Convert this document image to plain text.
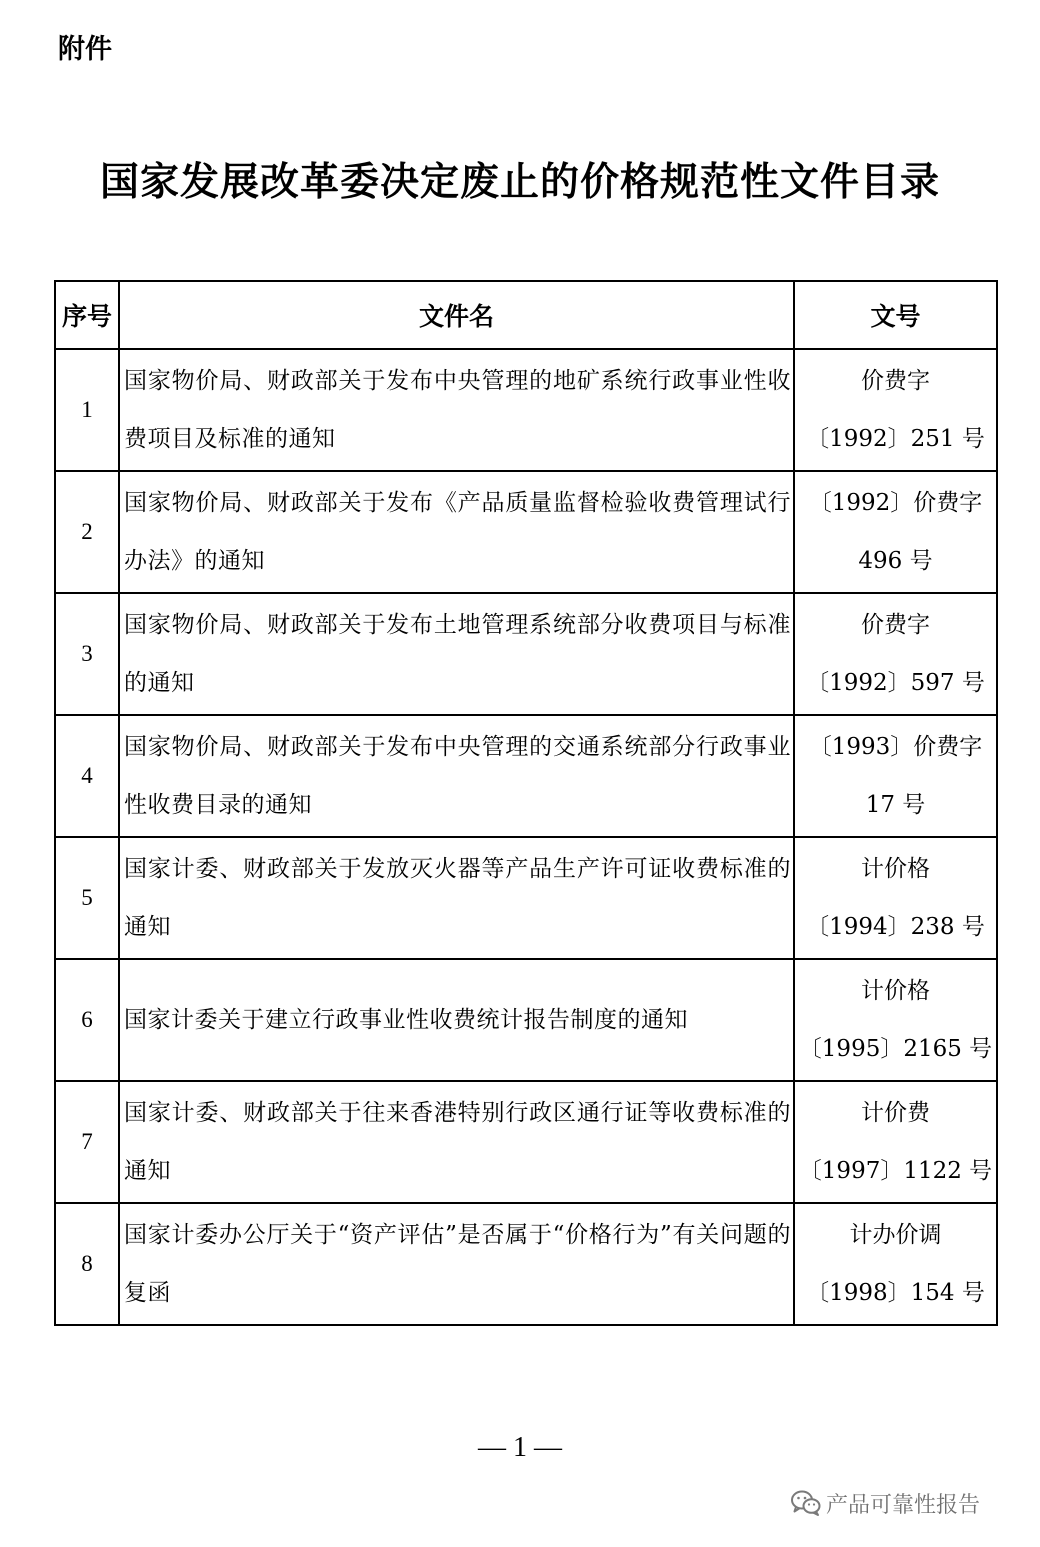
附件
国家发展改革委决定废止的价格规范性文件目录
序号	文件名	文号
1	国家物价局、财政部关于发布中央管理的地矿系统行政事业性收费项目及标准的通知	价费字
〔1992〕251 号

2	国家物价局、财政部关于发布《产品质量监督检验收费管理试行办法》的通知	〔1992〕价费字
496 号

3	国家物价局、财政部关于发布土地管理系统部分收费项目与标准的通知	价费字
〔1992〕597 号

4	国家物价局、财政部关于发布中央管理的交通系统部分行政事业性收费目录的通知	〔1993〕价费字
17 号

5	国家计委、财政部关于发放灭火器等产品生产许可证收费标准的通知	计价格
〔1994〕238 号

6	国家计委关于建立行政事业性收费统计报告制度的通知	计价格
〔1995〕2165 号

7	国家计委、财政部关于往来香港特别行政区通行证等收费标准的通知	计价费
〔1997〕1122 号

8	国家计委办公厅关于“资产评估”是否属于“价格行为”有关问题的复函	计办价调
〔1998〕154 号
— 1 —
产品可靠性报告
